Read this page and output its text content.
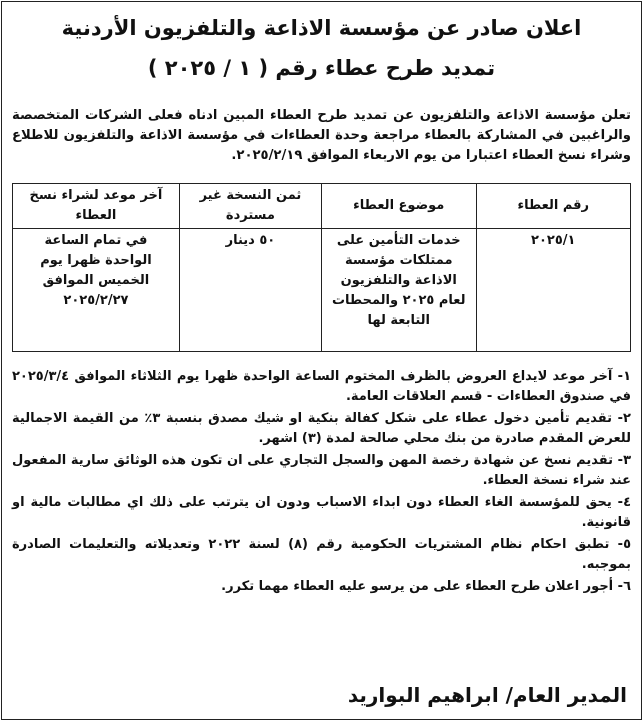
اعلان صادر عن مؤسسة الاذاعة والتلفزيون الأردنية
تمديد طرح عطاء رقم ( ١ / ٢٠٢٥ )
تعلن مؤسسة الاذاعة والتلفزيون عن تمديد طرح العطاء المبين ادناه فعلى الشركات المتخصصة والراغبين في المشاركة بالعطاء مراجعة وحدة العطاءات في مؤسسة الاذاعة والتلفزيون للاطلاع وشراء نسخ العطاء اعتبارا من يوم الاربعاء الموافق ٢٠٢٥/٢/١٩.
رقم العطاء	موضوع العطاء	ثمن النسخة غير مستردة	آخر موعد لشراء نسخ العطاء
٢٠٢٥/١	خدمات التأمين على ممتلكات مؤسسة الاذاعة والتلفزيون لعام ٢٠٢٥ والمحطات التابعة لها	٥٠ دينار	في تمام الساعة الواحدة ظهرا يوم الخميس الموافق ٢٠٢٥/٢/٢٧
١- آخر موعد لايداع العروض بالظرف المختوم الساعة الواحدة ظهرا يوم الثلاثاء الموافق ٢٠٢٥/٣/٤ في صندوق العطاءات - قسم العلاقات العامة.
٢- تقديم تأمين دخول عطاء على شكل كفالة بنكية او شيك مصدق بنسبة ٣٪ من القيمة الاجمالية للعرض المقدم صادرة من بنك محلي صالحة لمدة (٣) اشهر.
٣- تقديم نسخ عن شهادة رخصة المهن والسجل التجاري على ان تكون هذه الوثائق سارية المفعول عند شراء نسخة العطاء.
٤- يحق للمؤسسة الغاء العطاء دون ابداء الاسباب ودون ان يترتب على ذلك اي مطالبات مالية او قانونية.
٥- تطبق احكام نظام المشتريات الحكومية رقم (٨) لسنة ٢٠٢٢ وتعديلاته والتعليمات الصادرة بموجبه.
٦- أجور اعلان طرح العطاء على من يرسو عليه العطاء مهما تكرر.
المدير العام/ ابراهيم البواريد
